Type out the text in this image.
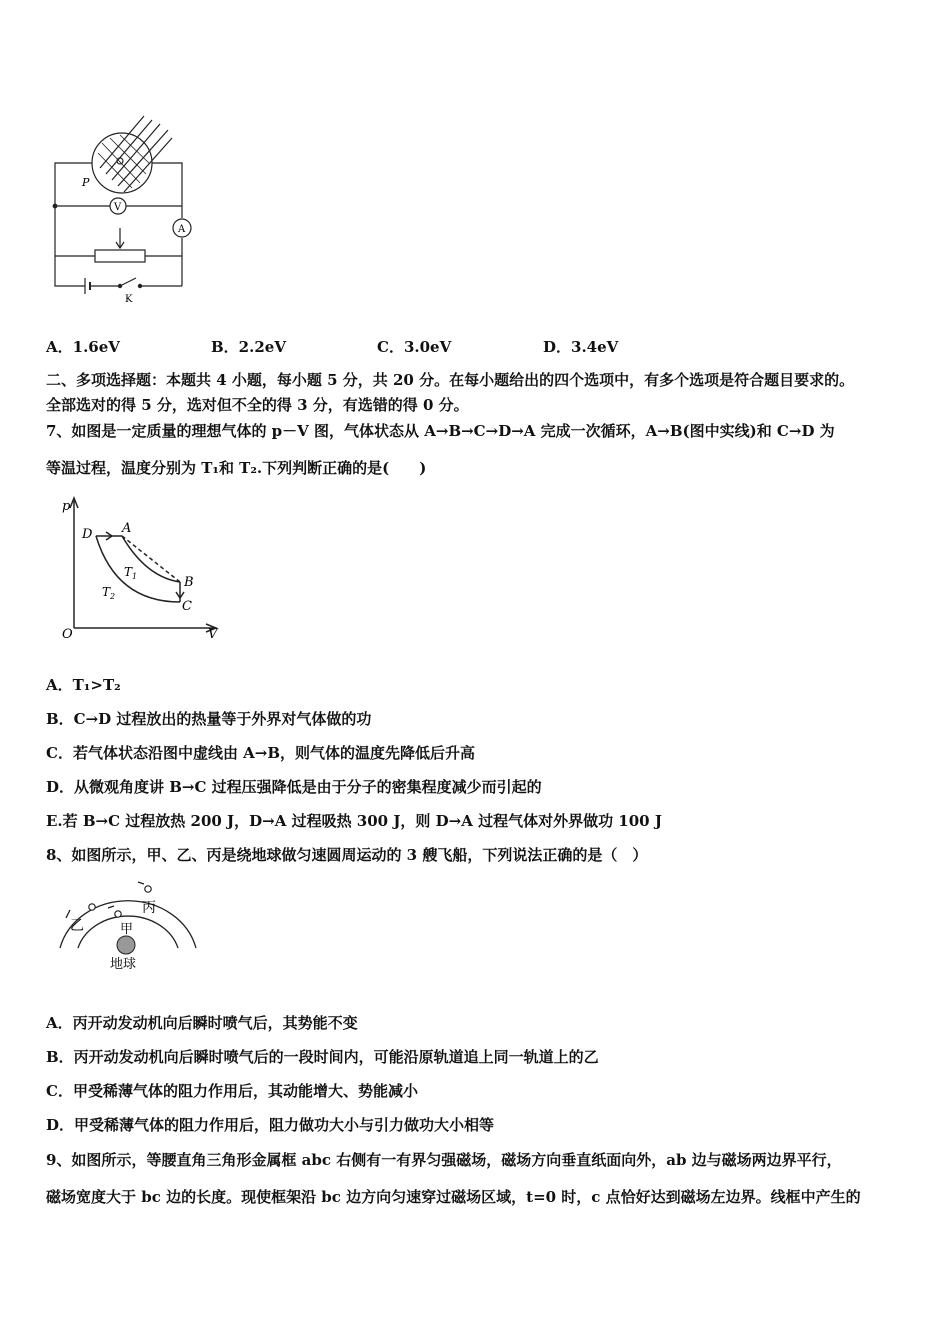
P
V
A
K
A．1.6eV	B．2.2eV	C．3.0eV	D．3.4eV
二、多项选择题：本题共 4 小题，每小题 5 分，共 20 分。在每小题给出的四个选项中，有多个选项是符合题目要求的。
全部选对的得 5 分，选对但不全的得 3 分，有选错的得 0 分。
7、如图是一定质量的理想气体的 p－V 图，气体状态从 A→B→C→D→A 完成一次循环，A→B(图中实线)和 C→D 为
等温过程，温度分别为 T₁和 T₂.下列判断正确的是(　　)
p
V
O
D A
B
C
$T_1$
$T_2$
A．T₁>T₂
B．C→D 过程放出的热量等于外界对气体做的功
C．若气体状态沿图中虚线由 A→B，则气体的温度先降低后升高
D．从微观角度讲 B→C 过程压强降低是由于分子的密集程度减少而引起的
E.若 B→C 过程放热 200 J，D→A 过程吸热 300 J，则 D→A 过程气体对外界做功 100 J
8、如图所示，甲、乙、丙是绕地球做匀速圆周运动的 3 艘飞船，下列说法正确的是（　）
丙
乙	甲
地球
A．丙开动发动机向后瞬时喷气后，其势能不变
B．丙开动发动机向后瞬时喷气后的一段时间内，可能沿原轨道追上同一轨道上的乙
C．甲受稀薄气体的阻力作用后，其动能增大、势能减小
D．甲受稀薄气体的阻力作用后，阻力做功大小与引力做功大小相等
9、如图所示，等腰直角三角形金属框 abc 右侧有一有界匀强磁场，磁场方向垂直纸面向外，ab 边与磁场两边界平行，
磁场宽度大于 bc 边的长度。现使框架沿 bc 边方向匀速穿过磁场区域，t=0 时，c 点恰好达到磁场左边界。线框中产生的
